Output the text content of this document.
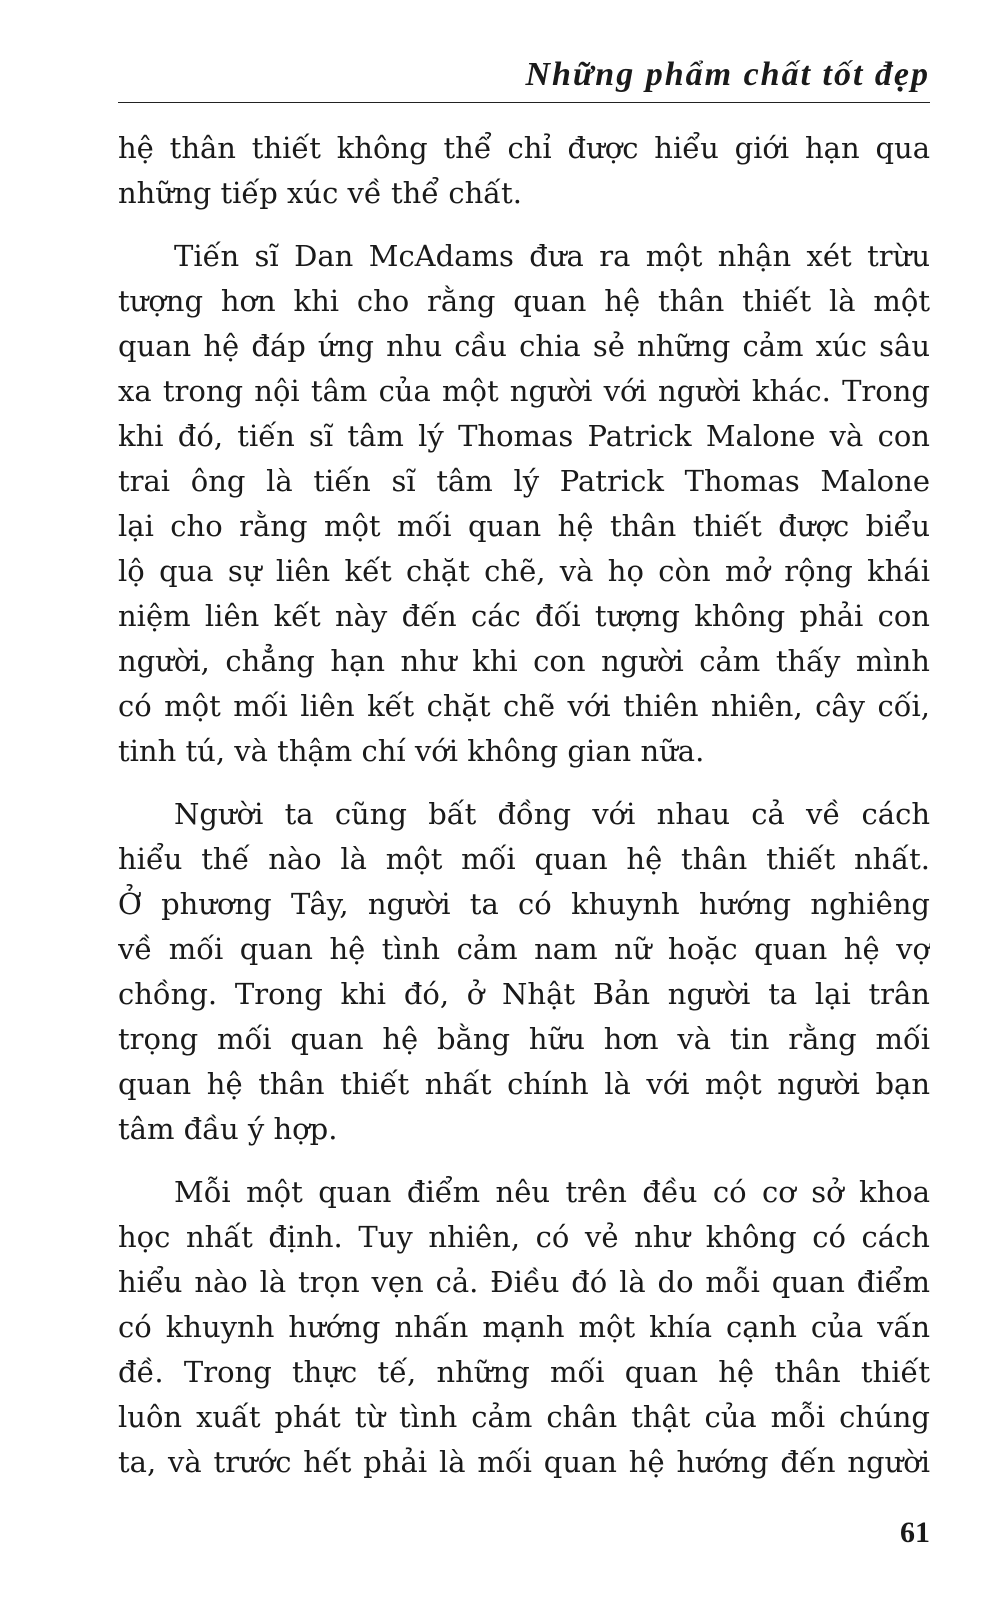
Những phẩm chất tốt đẹp

hệ thân thiết không thể chỉ được hiểu giới hạn qua
những tiếp xúc về thể chất.

Tiến sĩ Dan McAdams đưa ra một nhận xét trừu
tượng hơn khi cho rằng quan hệ thân thiết là một
quan hệ đáp ứng nhu cầu chia sẻ những cảm xúc sâu
xa trong nội tâm của một người với người khác. Trong
khi đó, tiến sĩ tâm lý Thomas Patrick Malone và con
trai ông là tiến sĩ tâm lý Patrick Thomas Malone
lại cho rằng một mối quan hệ thân thiết được biểu
lộ qua sự liên kết chặt chẽ, và họ còn mở rộng khái
niệm liên kết này đến các đối tượng không phải con
người, chẳng hạn như khi con người cảm thấy mình
có một mối liên kết chặt chẽ với thiên nhiên, cây cối,
tinh tú, và thậm chí với không gian nữa.

Người ta cũng bất đồng với nhau cả về cách
hiểu thế nào là một mối quan hệ thân thiết nhất.
Ở phương Tây, người ta có khuynh hướng nghiêng
về mối quan hệ tình cảm nam nữ hoặc quan hệ vợ
chồng. Trong khi đó, ở Nhật Bản người ta lại trân
trọng mối quan hệ bằng hữu hơn và tin rằng mối
quan hệ thân thiết nhất chính là với một người bạn
tâm đầu ý hợp.

Mỗi một quan điểm nêu trên đều có cơ sở khoa
học nhất định. Tuy nhiên, có vẻ như không có cách
hiểu nào là trọn vẹn cả. Điều đó là do mỗi quan điểm
có khuynh hướng nhấn mạnh một khía cạnh của vấn
đề. Trong thực tế, những mối quan hệ thân thiết
luôn xuất phát từ tình cảm chân thật của mỗi chúng
ta, và trước hết phải là mối quan hệ hướng đến người

61
